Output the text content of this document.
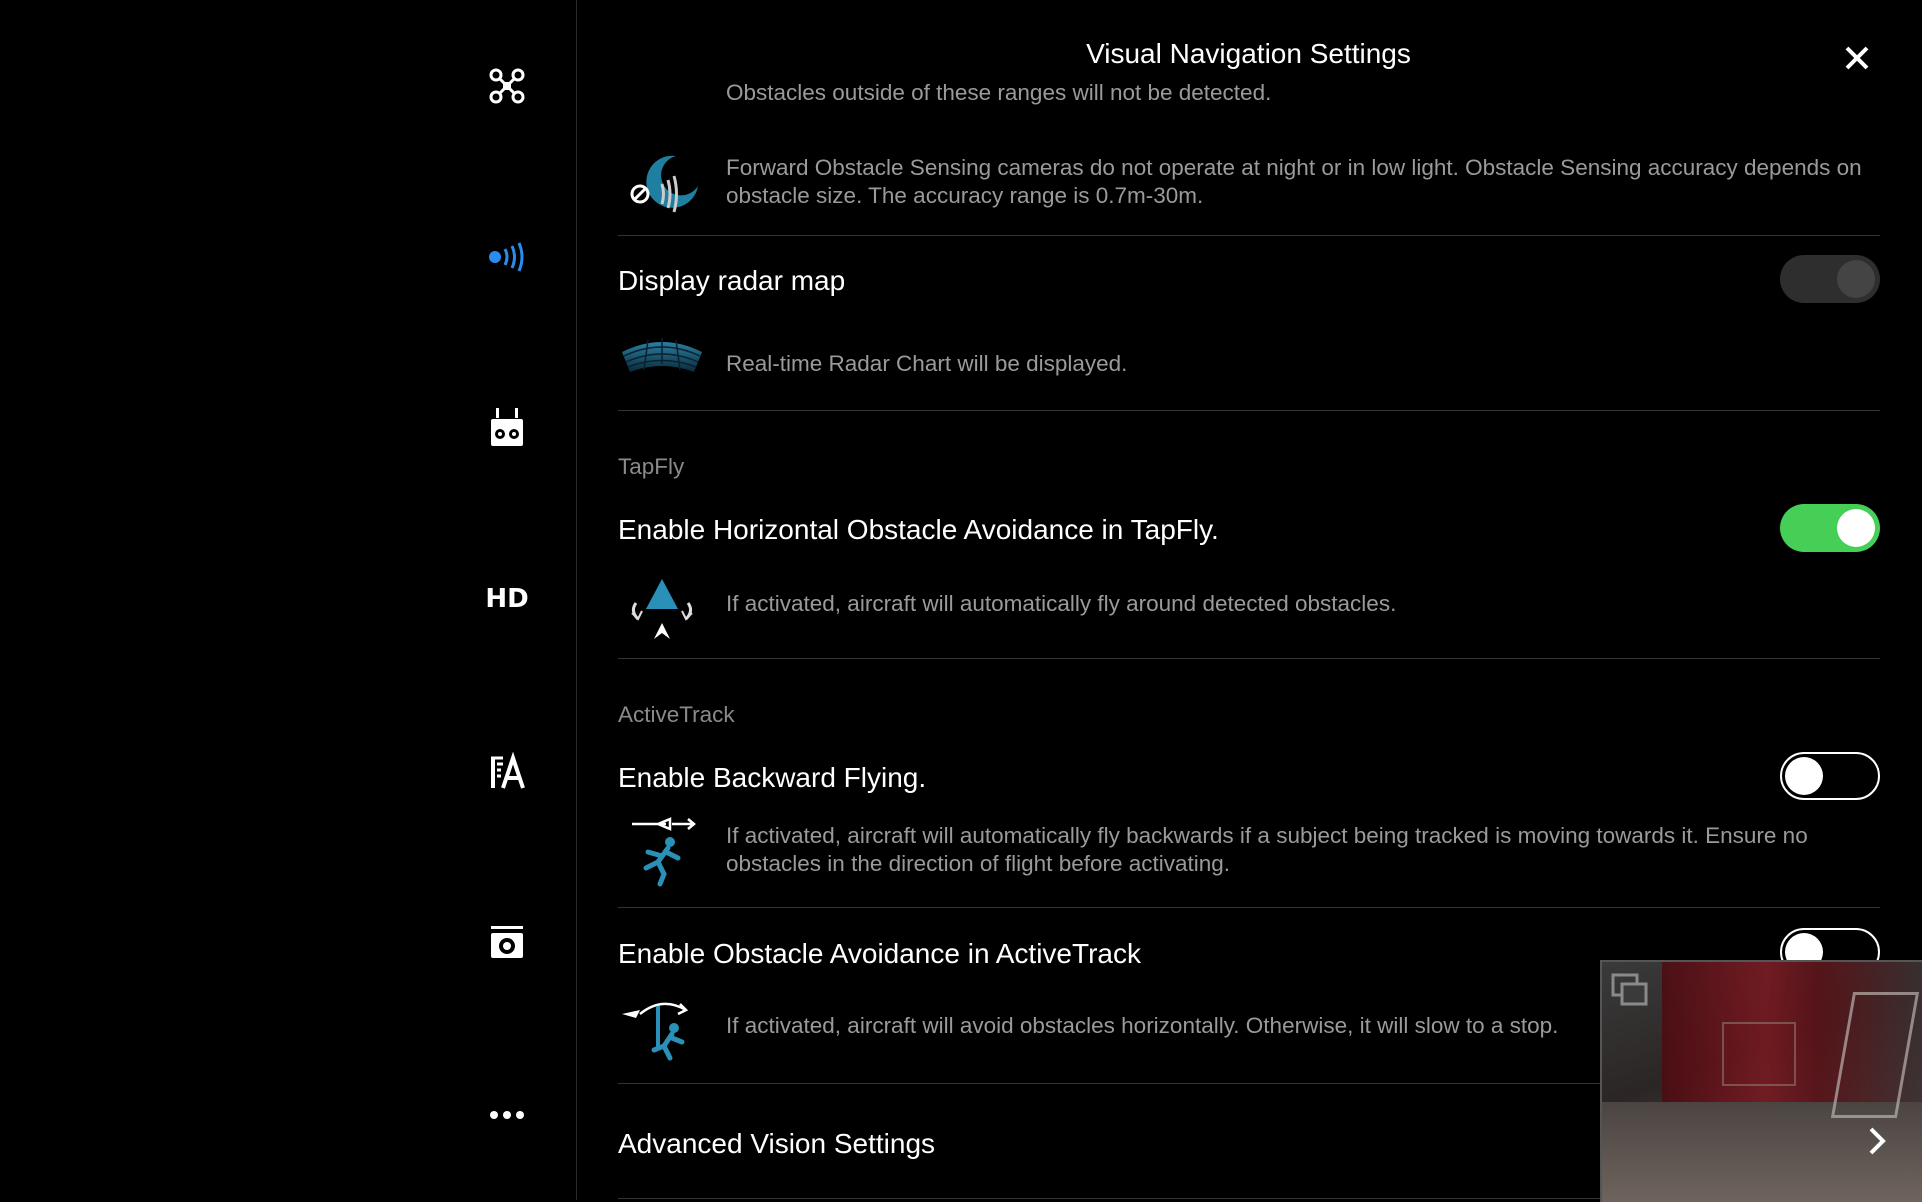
HD
Visual Navigation Settings
Obstacles outside of these ranges will not be detected.
Forward Obstacle Sensing cameras do not operate at night or in low light. Obstacle Sensing accuracy depends on obstacle size. The accuracy range is 0.7m-30m.
Display radar map
Real-time Radar Chart will be displayed.
TapFly
Enable Horizontal Obstacle Avoidance in TapFly.
If activated, aircraft will automatically fly around detected obstacles.
ActiveTrack
Enable Backward Flying.
If activated, aircraft will automatically fly backwards if a subject being tracked is moving towards it. Ensure no obstacles in the direction of flight before activating.
Enable Obstacle Avoidance in ActiveTrack
If activated, aircraft will avoid obstacles horizontally. Otherwise, it will slow to a stop.
Advanced Vision Settings
